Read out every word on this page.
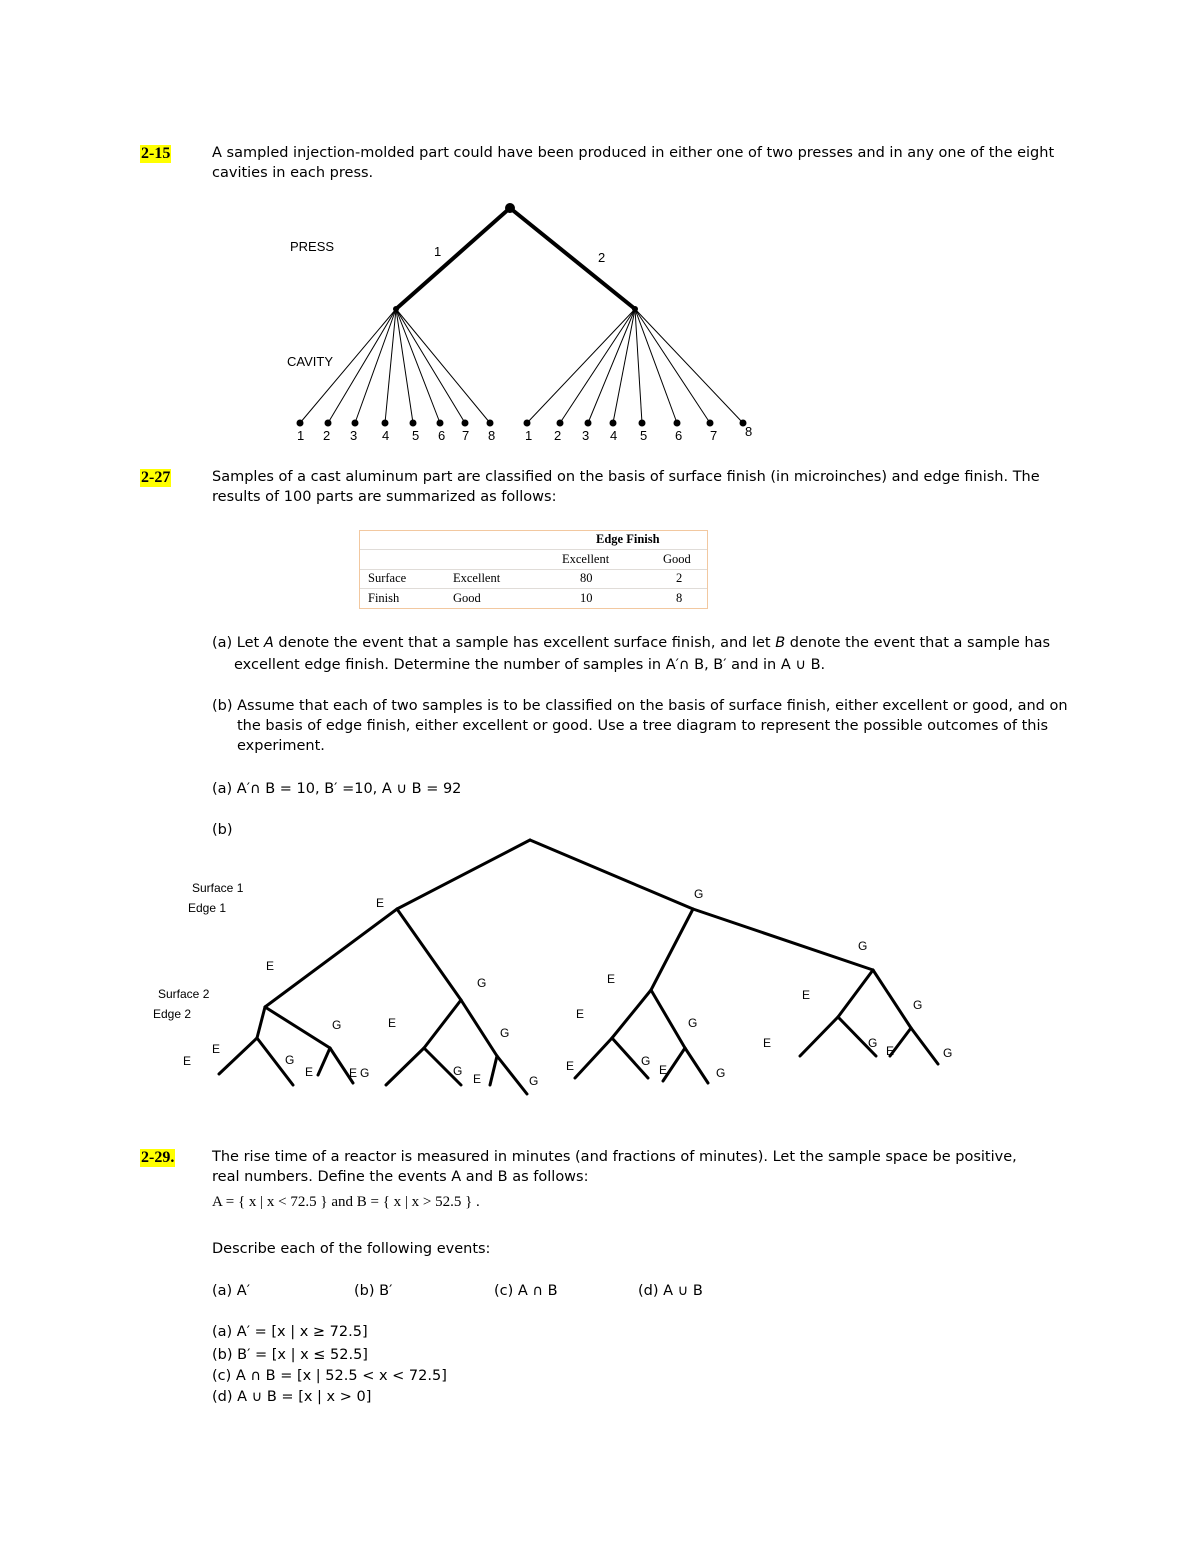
2-15	A sampled injection-molded part could have been produced in either one of two presses and in any one of the eight
cavities in each press.
PRESS
CAVITY
1	2
1 2 3 4 5 6 7 8 1 2 3 4 5 6 7 8
2-27	Samples of a cast aluminum part are classified on the basis of surface finish (in microinches) and edge finish. The
results of 100 parts are summarized as follows:
Edge Finish
Excellent	Good
Surface	Excellent	80	2
Finish	Good	10	8
(a) Let A denote the event that a sample has excellent surface finish, and let B denote the event that a sample has
excellent edge finish. Determine the number of samples in A′∩ B, B′ and in A ∪ B.
(b) Assume that each of two samples is to be classified on the basis of surface finish, either excellent or good, and on
the basis of edge finish, either excellent or good. Use a tree diagram to represent the possible outcomes of this
experiment.
(a) A′∩ B = 10, B′ =10, A ∪ B = 92
(b)
Surface 1
Edge 1
Surface 2
Edge 2
E
G
E
G	E
G
G	E
G
E
G
E
G
E
E
E	G
E	E G	G
E	G
E	G
E	G
G
E	G
2-29.	The rise time of a reactor is measured in minutes (and fractions of minutes). Let the sample space be positive,
real numbers. Define the events A and B as follows:
A = { x | x < 72.5 } and B = { x | x > 52.5 } .
Describe each of the following events:
(a) A′	(b) B′	(c) A ∩ B	(d) A ∪ B
(a) A′ = [x | x ≥ 72.5]
(b) B′ = [x | x ≤ 52.5]
(c) A ∩ B = [x | 52.5 < x < 72.5]
(d) A ∪ B = [x | x > 0]
